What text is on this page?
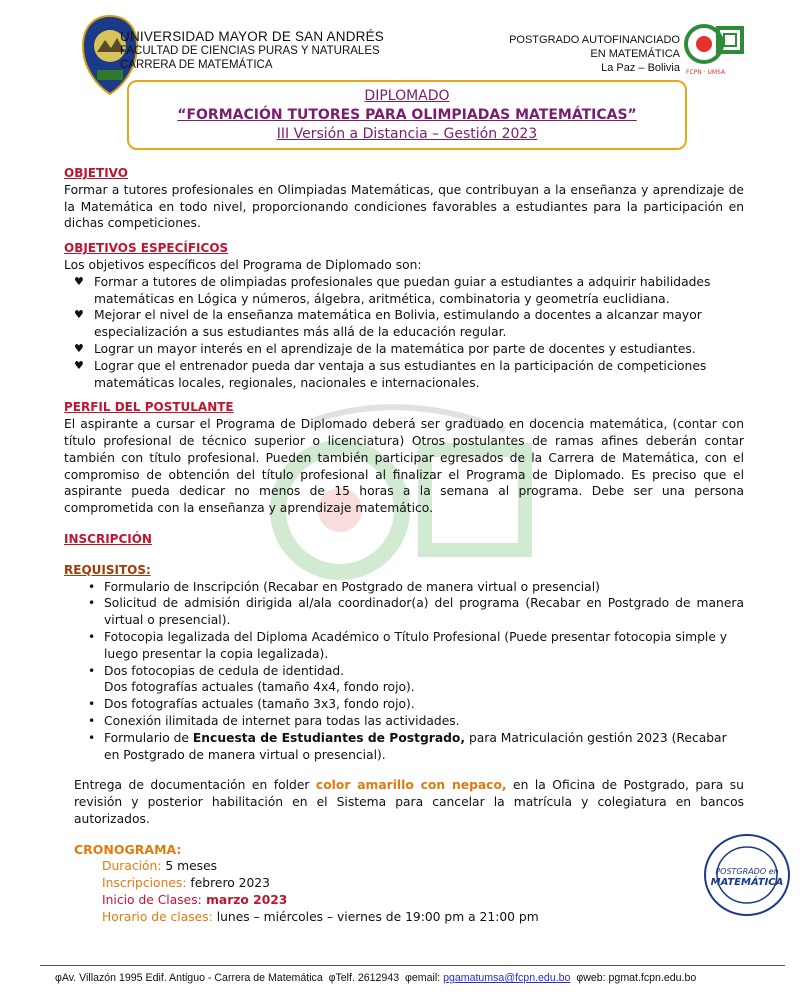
UNIVERSIDAD MAYOR DE SAN ANDRÉS
FACULTAD DE CIENCIAS PURAS Y NATURALES
CARRERA DE MATEMÁTICA
POSTGRADO AUTOFINANCIADO
EN MATEMÁTICA
La Paz – Bolivia FCPN · UMSA
DIPLOMADO
“FORMACIÓN TUTORES PARA OLIMPIADAS MATEMÁTICAS”
III Versión a Distancia – Gestión 2023
OBJETIVO
Formar a tutores profesionales en Olimpiadas Matemáticas, que contribuyan a la enseñanza y aprendizaje de la Matemática en todo nivel, proporcionando condiciones favorables a estudiantes para la participación en dichas competiciones.
OBJETIVOS ESPECÍFICOS
Los objetivos específicos del Programa de Diplomado son:
♥ Formar a tutores de olimpiadas profesionales que puedan guiar a estudiantes a adquirir habilidades matemáticas en Lógica y números, álgebra, aritmética, combinatoria y geometría euclidiana.
♥ Mejorar el nivel de la enseñanza matemática en Bolivia, estimulando a docentes a alcanzar mayor especialización a sus estudiantes más allá de la educación regular.
♥ Lograr un mayor interés en el aprendizaje de la matemática por parte de docentes y estudiantes.
♥ Lograr que el entrenador pueda dar ventaja a sus estudiantes en la participación de competiciones matemáticas locales, regionales, nacionales e internacionales.
PERFIL DEL POSTULANTE
El aspirante a cursar el Programa de Diplomado deberá ser graduado en docencia matemática, (contar con título profesional de técnico superior o licenciatura) Otros postulantes de ramas afines deberán contar también con título profesional. Pueden también participar egresados de la Carrera de Matemática, con el compromiso de obtención del título profesional al finalizar el Programa de Diplomado. Es preciso que el aspirante pueda dedicar no menos de 15 horas a la semana al programa. Debe ser una persona comprometida con la enseñanza y aprendizaje matemático.
INSCRIPCIÓN
REQUISITOS:
• Formulario de Inscripción (Recabar en Postgrado de manera virtual o presencial)
• Solicitud de admisión dirigida al/ala coordinador(a) del programa (Recabar en Postgrado de manera virtual o presencial).
• Fotocopia legalizada del Diploma Académico o Título Profesional (Puede presentar fotocopia simple y luego presentar la copia legalizada).
• Dos fotocopias de cedula de identidad.
Dos fotografías actuales (tamaño 4x4, fondo rojo).
• Dos fotografías actuales (tamaño 3x3, fondo rojo).
• Conexión ilimitada de internet para todas las actividades.
• Formulario de Encuesta de Estudiantes de Postgrado, para Matriculación gestión 2023 (Recabar en Postgrado de manera virtual o presencial).
Entrega de documentación en folder color amarillo con nepaco, en la Oficina de Postgrado, para su revisión y posterior habilitación en el Sistema para cancelar la matrícula y colegiatura en bancos autorizados.
CRONOGRAMA:
Duración: 5 meses
Inscripciones: febrero 2023
Inicio de Clases: marzo 2023
Horario de clases: lunes – miércoles – viernes de 19:00 pm a 21:00 pm
POSTGRADO en
MATEMÁTICA
φAv. Villazón 1995 Edif. Antiguo - Carrera de Matemática φTelf. 2612943 φemail: pgamatumsa@fcpn.edu.bo φweb: pgmat.fcpn.edu.bo
